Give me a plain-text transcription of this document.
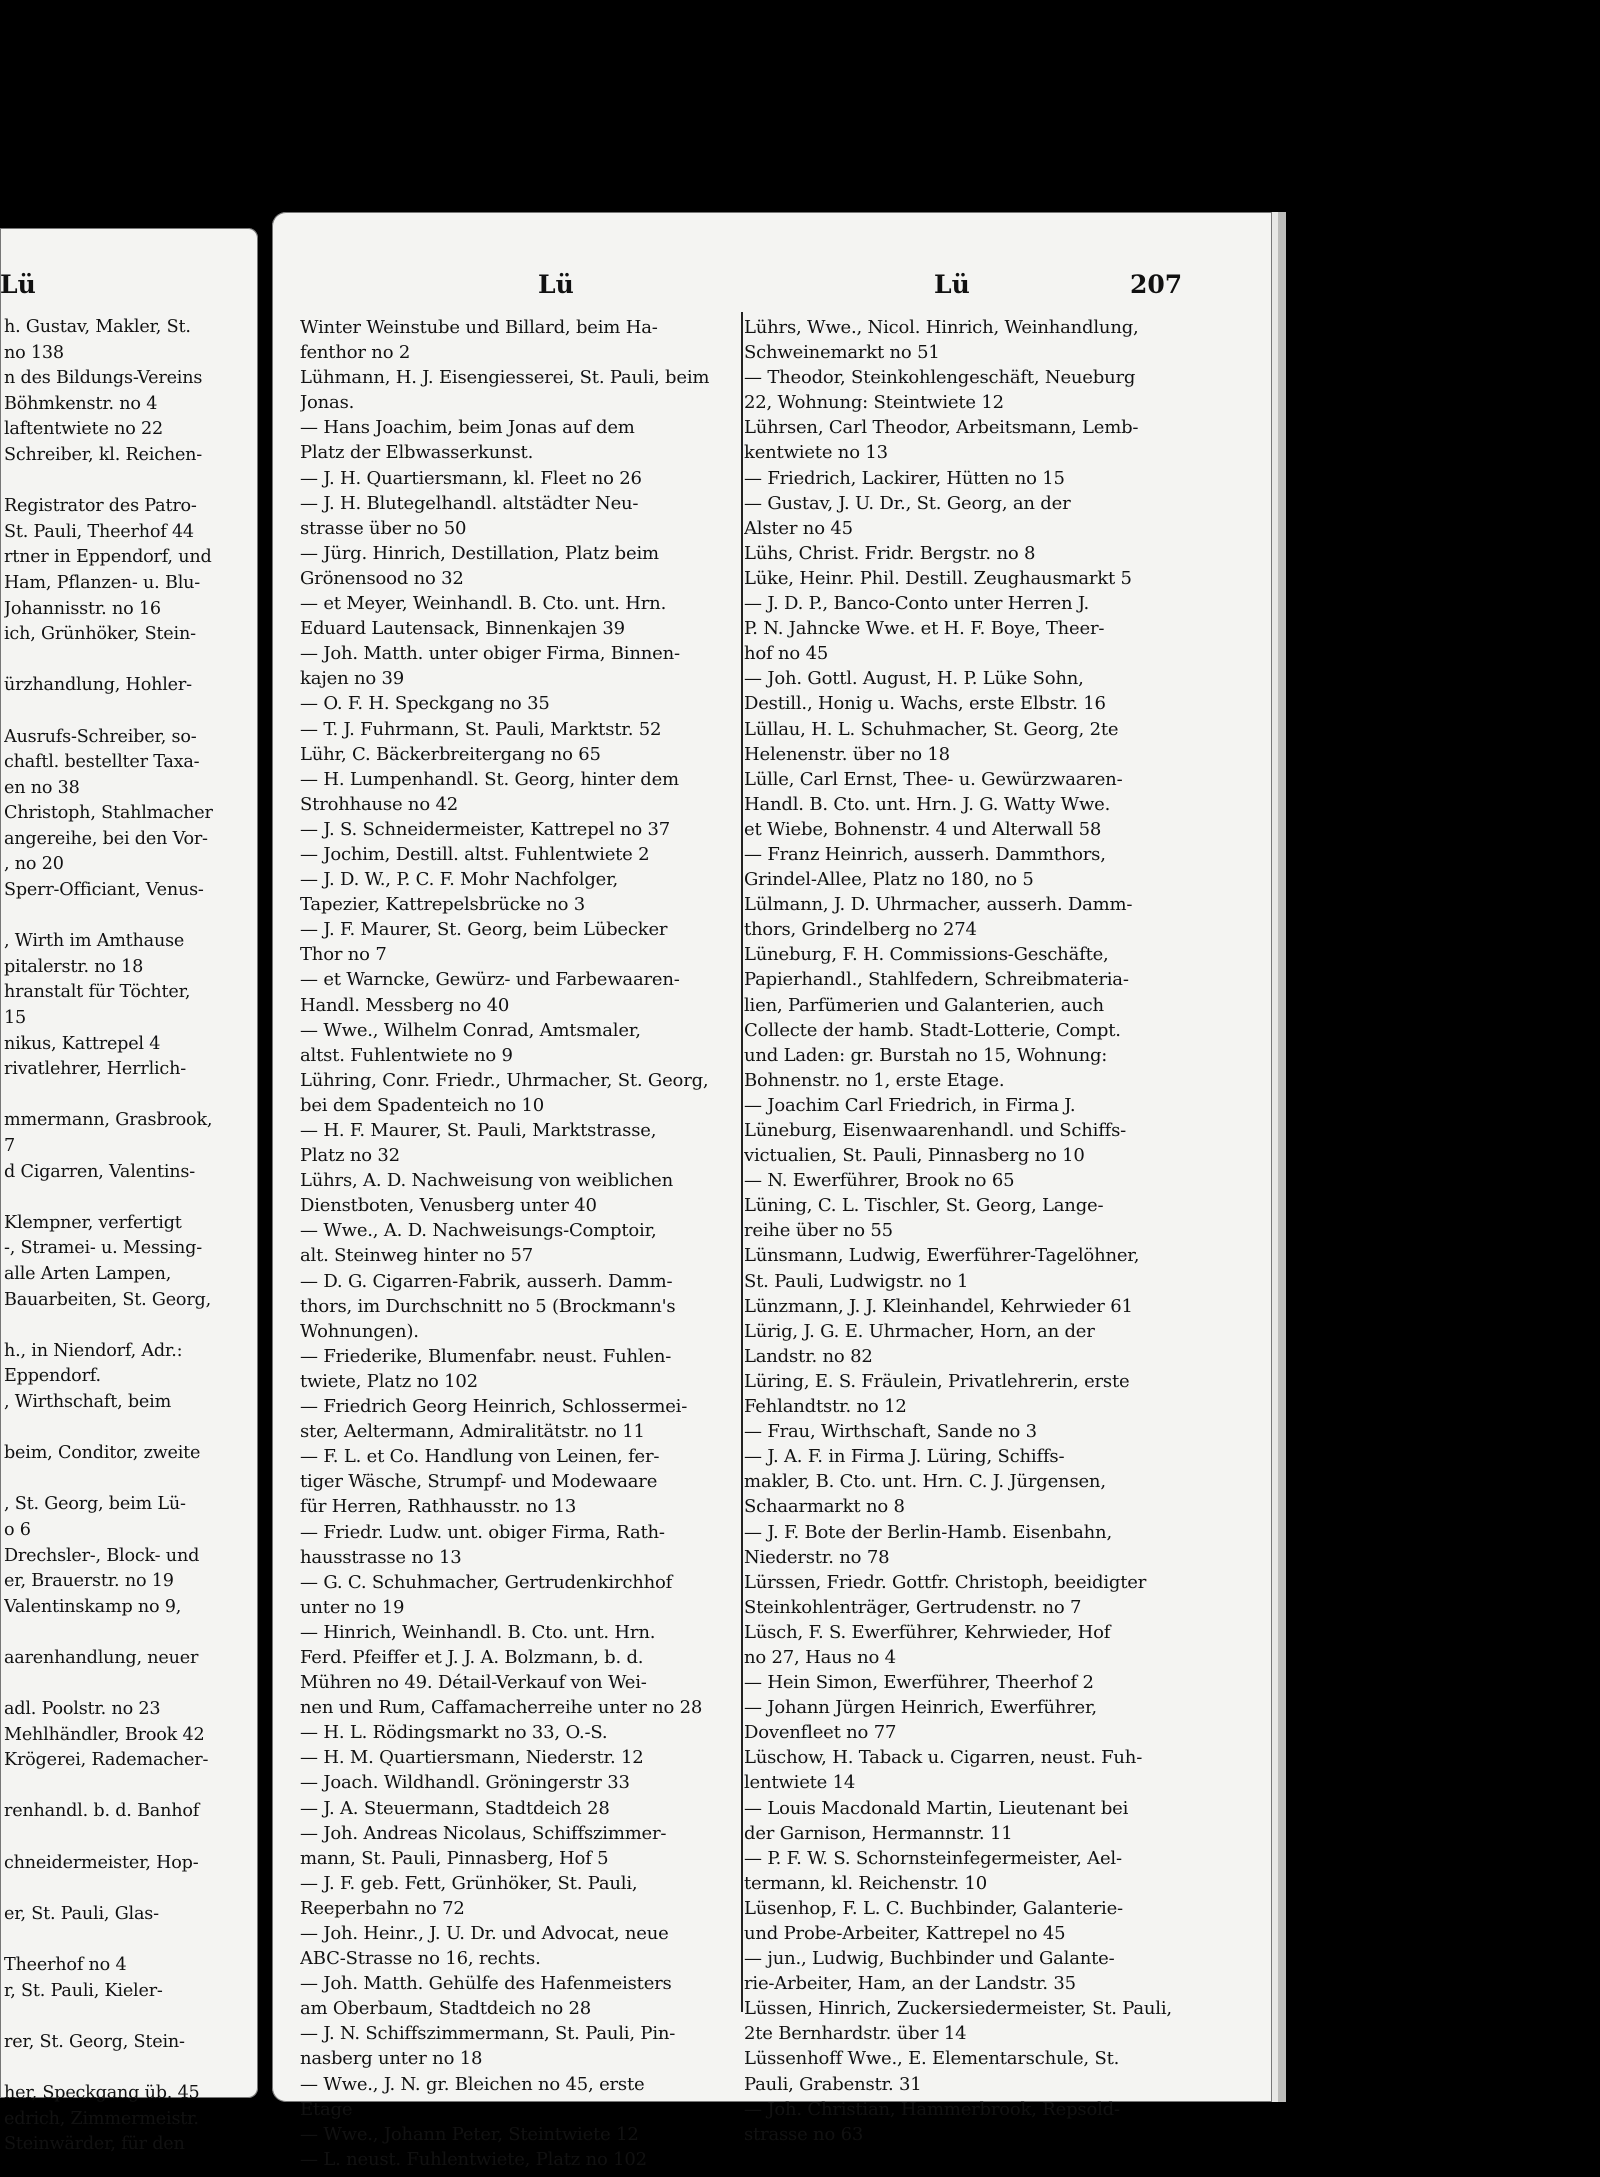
Lü	Lü	Lü	207
h. Gustav, Makler, St.
no 138
n des Bildungs-Vereins
Böhmkenstr. no 4
laftentwiete no 22
Schreiber, kl. Reichen-
Registrator des Patro-
St. Pauli, Theerhof 44
rtner in Eppendorf, und
Ham, Pflanzen- u. Blu-
Johannisstr. no 16
ich, Grünhöker, Stein-
ürzhandlung, Hohler-
Ausrufs-Schreiber, so-
chaftl. bestellter Taxa-
en no 38
Christoph, Stahlmacher
angereihe, bei den Vor-
, no 20
Sperr-Officiant, Venus-
, Wirth im Amthause
pitalerstr. no 18
hranstalt für Töchter,
15
nikus, Kattrepel 4
rivatlehrer, Herrlich-
mmermann, Grasbrook,
7
d Cigarren, Valentins-
Klempner, verfertigt
-, Stramei- u. Messing-
alle Arten Lampen,
Bauarbeiten, St. Georg,
h., in Niendorf, Adr.:
Eppendorf.
, Wirthschaft, beim
beim, Conditor, zweite
, St. Georg, beim Lü-
o 6
Drechsler-, Block- und
er, Brauerstr. no 19
Valentinskamp no 9,
aarenhandlung, neuer
adl. Poolstr. no 23
Mehlhändler, Brook 42
Krögerei, Rademacher-
renhandl. b. d. Banhof
chneidermeister, Hop-
er, St. Pauli, Glas-
Theerhof no 4
r, St. Pauli, Kieler-
rer, St. Georg, Stein-
her, Speckgang üb. 45
edrich, Zimmermeistr.
Steinwärder, für den
Winter Weinstube und Billard, beim Ha-
fenthor no 2
Lühmann, H. J. Eisengiesserei, St. Pauli, beim
Jonas.
— Hans Joachim, beim Jonas auf dem
Platz der Elbwasserkunst.
— J. H. Quartiersmann, kl. Fleet no 26
— J. H. Blutegelhandl. altstädter Neu-
strasse über no 50
— Jürg. Hinrich, Destillation, Platz beim
Grönensood no 32
— et Meyer, Weinhandl. B. Cto. unt. Hrn.
Eduard Lautensack, Binnenkajen 39
— Joh. Matth. unter obiger Firma, Binnen-
kajen no 39
— O. F. H. Speckgang no 35
— T. J. Fuhrmann, St. Pauli, Marktstr. 52
Lühr, C. Bäckerbreitergang no 65
— H. Lumpenhandl. St. Georg, hinter dem
Strohhause no 42
— J. S. Schneidermeister, Kattrepel no 37
— Jochim, Destill. altst. Fuhlentwiete 2
— J. D. W., P. C. F. Mohr Nachfolger,
Tapezier, Kattrepelsbrücke no 3
— J. F. Maurer, St. Georg, beim Lübecker
Thor no 7
— et Warncke, Gewürz- und Farbewaaren-
Handl. Messberg no 40
— Wwe., Wilhelm Conrad, Amtsmaler,
altst. Fuhlentwiete no 9
Lühring, Conr. Friedr., Uhrmacher, St. Georg,
bei dem Spadenteich no 10
— H. F. Maurer, St. Pauli, Marktstrasse,
Platz no 32
Lührs, A. D. Nachweisung von weiblichen
Dienstboten, Venusberg unter 40
— Wwe., A. D. Nachweisungs-Comptoir,
alt. Steinweg hinter no 57
— D. G. Cigarren-Fabrik, ausserh. Damm-
thors, im Durchschnitt no 5 (Brockmann's
Wohnungen).
— Friederike, Blumenfabr. neust. Fuhlen-
twiete, Platz no 102
— Friedrich Georg Heinrich, Schlossermei-
ster, Aeltermann, Admiralitätstr. no 11
— F. L. et Co. Handlung von Leinen, fer-
tiger Wäsche, Strumpf- und Modewaare
für Herren, Rathhausstr. no 13
— Friedr. Ludw. unt. obiger Firma, Rath-
hausstrasse no 13
— G. C. Schuhmacher, Gertrudenkirchhof
unter no 19
— Hinrich, Weinhandl. B. Cto. unt. Hrn.
Ferd. Pfeiffer et J. J. A. Bolzmann, b. d.
Mühren no 49. Détail-Verkauf von Wei-
nen und Rum, Caffamacherreihe unter no 28
— H. L. Rödingsmarkt no 33, O.-S.
— H. M. Quartiersmann, Niederstr. 12
— Joach. Wildhandl. Gröningerstr 33
— J. A. Steuermann, Stadtdeich 28
— Joh. Andreas Nicolaus, Schiffszimmer-
mann, St. Pauli, Pinnasberg, Hof 5
— J. F. geb. Fett, Grünhöker, St. Pauli,
Reeperbahn no 72
— Joh. Heinr., J. U. Dr. und Advocat, neue
ABC-Strasse no 16, rechts.
— Joh. Matth. Gehülfe des Hafenmeisters
am Oberbaum, Stadtdeich no 28
— J. N. Schiffszimmermann, St. Pauli, Pin-
nasberg unter no 18
— Wwe., J. N. gr. Bleichen no 45, erste
Etage
— Wwe., Johann Peter, Steintwiete 12
— L. neust. Fuhlentwiete, Platz no 102
Lührs, Wwe., Nicol. Hinrich, Weinhandlung,
Schweinemarkt no 51
— Theodor, Steinkohlengeschäft, Neueburg
22, Wohnung: Steintwiete 12
Lührsen, Carl Theodor, Arbeitsmann, Lemb-
kentwiete no 13
— Friedrich, Lackirer, Hütten no 15
— Gustav, J. U. Dr., St. Georg, an der
Alster no 45
Lühs, Christ. Fridr. Bergstr. no 8
Lüke, Heinr. Phil. Destill. Zeughausmarkt 5
— J. D. P., Banco-Conto unter Herren J.
P. N. Jahncke Wwe. et H. F. Boye, Theer-
hof no 45
— Joh. Gottl. August, H. P. Lüke Sohn,
Destill., Honig u. Wachs, erste Elbstr. 16
Lüllau, H. L. Schuhmacher, St. Georg, 2te
Helenenstr. über no 18
Lülle, Carl Ernst, Thee- u. Gewürzwaaren-
Handl. B. Cto. unt. Hrn. J. G. Watty Wwe.
et Wiebe, Bohnenstr. 4 und Alterwall 58
— Franz Heinrich, ausserh. Dammthors,
Grindel-Allee, Platz no 180, no 5
Lülmann, J. D. Uhrmacher, ausserh. Damm-
thors, Grindelberg no 274
Lüneburg, F. H. Commissions-Geschäfte,
Papierhandl., Stahlfedern, Schreibmateria-
lien, Parfümerien und Galanterien, auch
Collecte der hamb. Stadt-Lotterie, Compt.
und Laden: gr. Burstah no 15, Wohnung:
Bohnenstr. no 1, erste Etage.
— Joachim Carl Friedrich, in Firma J.
Lüneburg, Eisenwaarenhandl. und Schiffs-
victualien, St. Pauli, Pinnasberg no 10
— N. Ewerführer, Brook no 65
Lüning, C. L. Tischler, St. Georg, Lange-
reihe über no 55
Lünsmann, Ludwig, Ewerführer-Tagelöhner,
St. Pauli, Ludwigstr. no 1
Lünzmann, J. J. Kleinhandel, Kehrwieder 61
Lürig, J. G. E. Uhrmacher, Horn, an der
Landstr. no 82
Lüring, E. S. Fräulein, Privatlehrerin, erste
Fehlandtstr. no 12
— Frau, Wirthschaft, Sande no 3
— J. A. F. in Firma J. Lüring, Schiffs-
makler, B. Cto. unt. Hrn. C. J. Jürgensen,
Schaarmarkt no 8
— J. F. Bote der Berlin-Hamb. Eisenbahn,
Niederstr. no 78
Lürssen, Friedr. Gottfr. Christoph, beeidigter
Steinkohlenträger, Gertrudenstr. no 7
Lüsch, F. S. Ewerführer, Kehrwieder, Hof
no 27, Haus no 4
— Hein Simon, Ewerführer, Theerhof 2
— Johann Jürgen Heinrich, Ewerführer,
Dovenfleet no 77
Lüschow, H. Taback u. Cigarren, neust. Fuh-
lentwiete 14
— Louis Macdonald Martin, Lieutenant bei
der Garnison, Hermannstr. 11
— P. F. W. S. Schornsteinfegermeister, Ael-
termann, kl. Reichenstr. 10
Lüsenhop, F. L. C. Buchbinder, Galanterie-
und Probe-Arbeiter, Kattrepel no 45
— jun., Ludwig, Buchbinder und Galante-
rie-Arbeiter, Ham, an der Landstr. 35
Lüssen, Hinrich, Zuckersiedermeister, St. Pauli,
2te Bernhardstr. über 14
Lüssenhoff Wwe., E. Elementarschule, St.
Pauli, Grabenstr. 31
— Joh. Christian, Hammerbrook, Repsold-
strasse no 63
